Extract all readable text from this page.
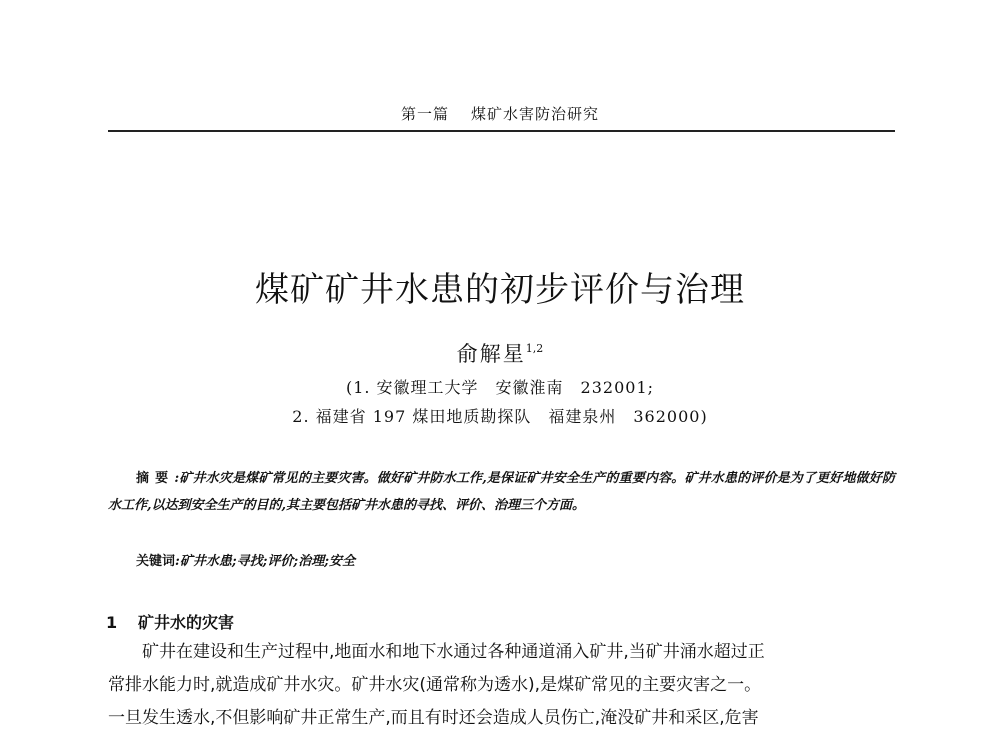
第一篇 煤矿水害防治研究
煤矿矿井水患的初步评价与治理
俞解星$^{1,2}$
(1. 安徽理工大学　安徽淮南　232001;
2. 福建省 197 煤田地质勘探队　福建泉州　362000)
摘要:矿井水灾是煤矿常见的主要灾害。做好矿井防水工作,是保证矿井安全生产的重要内容。矿井水患的评价是为了更好地做好防水工作,以达到安全生产的目的,其主要包括矿井水患的寻找、评价、治理三个方面。
关键词:矿井水患;寻找;评价;治理;安全
1 矿井水的灾害
矿井在建设和生产过程中,地面水和地下水通过各种通道涌入矿井,当矿井涌水超过正
常排水能力时,就造成矿井水灾。矿井水灾(通常称为透水),是煤矿常见的主要灾害之一。
一旦发生透水,不但影响矿井正常生产,而且有时还会造成人员伤亡,淹没矿井和采区,危害
